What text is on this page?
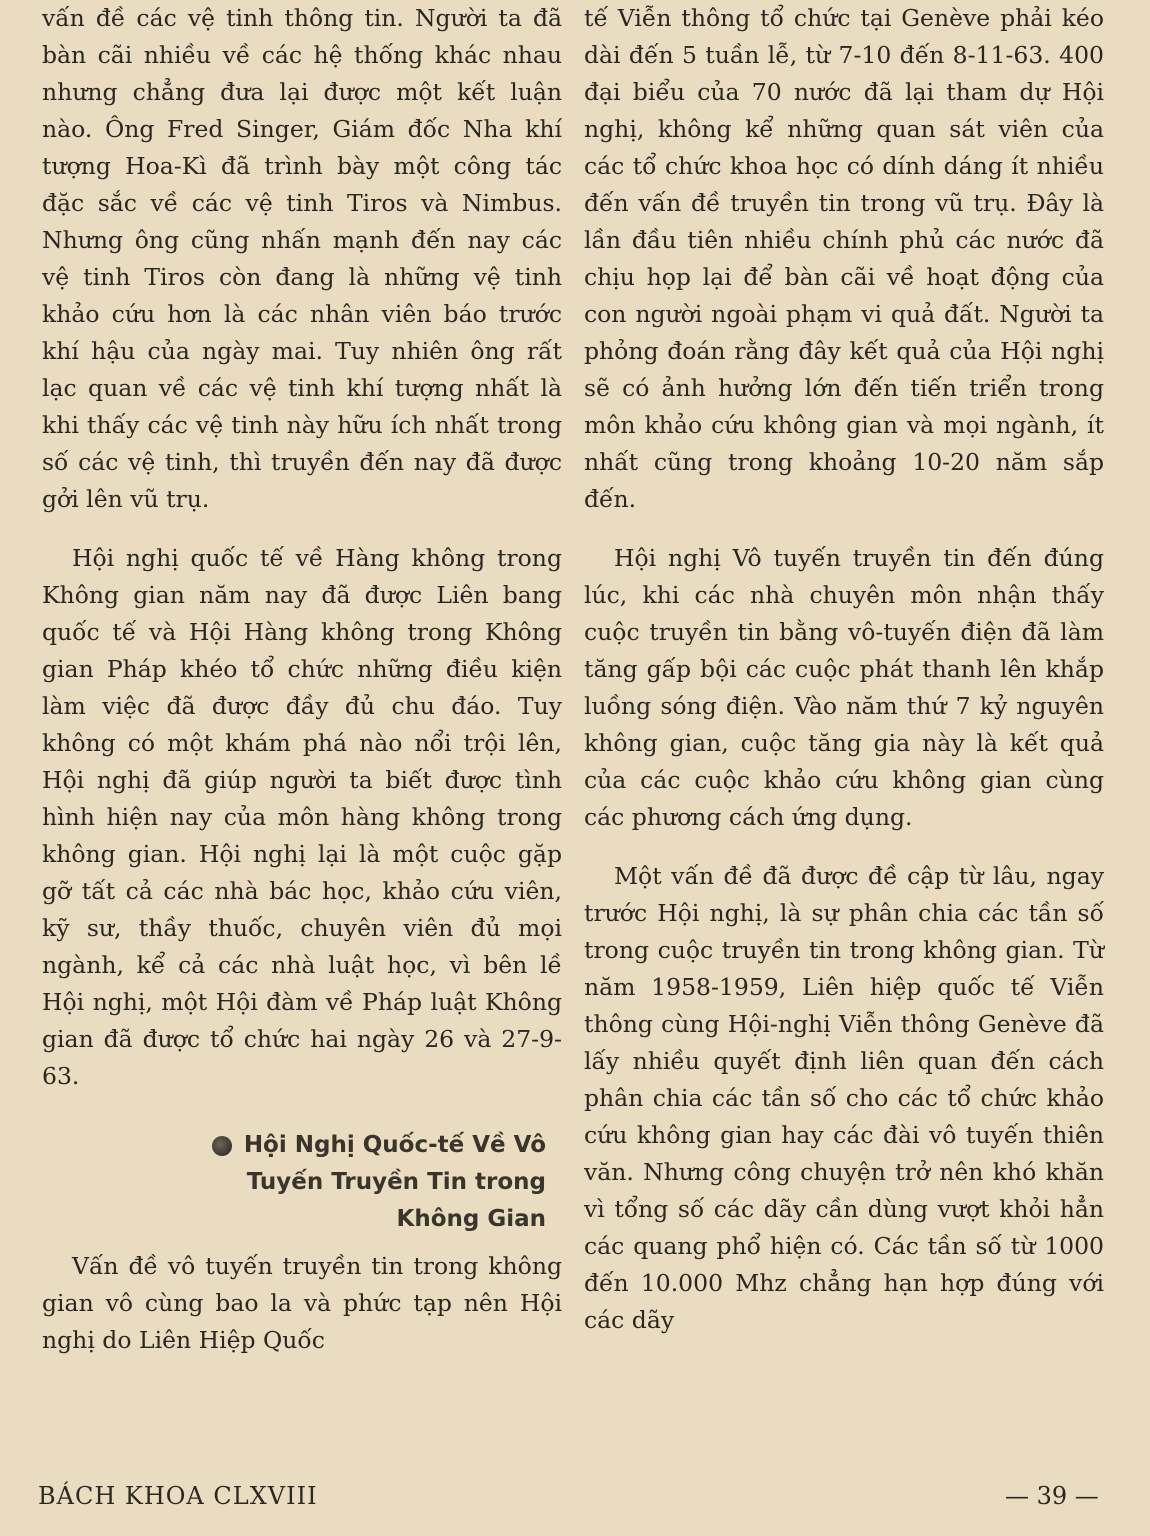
vấn đề các vệ tinh thông tin. Người ta đã bàn cãi nhiều về các hệ thống khác nhau nhưng chẳng đưa lại được một kết luận nào. Ông Fred Singer, Giám đốc Nha khí tượng Hoa-Kì đã trình bày một công tác đặc sắc về các vệ tinh Tiros và Nimbus. Nhưng ông cũng nhấn mạnh đến nay các vệ tinh Tiros còn đang là những vệ tinh khảo cứu hơn là các nhân viên báo trước khí hậu của ngày mai. Tuy nhiên ông rất lạc quan về các vệ tinh khí tượng nhất là khi thấy các vệ tinh này hữu ích nhất trong số các vệ tinh, thì truyền đến nay đã được gởi lên vũ trụ.

Hội nghị quốc tế về Hàng không trong Không gian năm nay đã được Liên bang quốc tế và Hội Hàng không trong Không gian Pháp khéo tổ chức những điều kiện làm việc đã được đầy đủ chu đáo. Tuy không có một khám phá nào nổi trội lên, Hội nghị đã giúp người ta biết được tình hình hiện nay của môn hàng không trong không gian. Hội nghị lại là một cuộc gặp gỡ tất cả các nhà bác học, khảo cứu viên, kỹ sư, thầy thuốc, chuyên viên đủ mọi ngành, kể cả các nhà luật học, vì bên lề Hội nghị, một Hội đàm về Pháp luật Không gian đã được tổ chức hai ngày 26 và 27-9-63.

Hội Nghị Quốc-tế Về Vô
Tuyến Truyền Tin trong
Không Gian

Vấn đề vô tuyến truyền tin trong không gian vô cùng bao la và phức tạp nên Hội nghị do Liên Hiệp Quốc

tế Viễn thông tổ chức tại Genève phải kéo dài đến 5 tuần lễ, từ 7-10 đến 8-11-63. 400 đại biểu của 70 nước đã lại tham dự Hội nghị, không kể những quan sát viên của các tổ chức khoa học có dính dáng ít nhiều đến vấn đề truyền tin trong vũ trụ. Đây là lần đầu tiên nhiều chính phủ các nước đã chịu họp lại để bàn cãi về hoạt động của con người ngoài phạm vi quả đất. Người ta phỏng đoán rằng đây kết quả của Hội nghị sẽ có ảnh hưởng lớn đến tiến triển trong môn khảo cứu không gian và mọi ngành, ít nhất cũng trong khoảng 10-20 năm sắp đến.

Hội nghị Vô tuyến truyền tin đến đúng lúc, khi các nhà chuyên môn nhận thấy cuộc truyền tin bằng vô-tuyến điện đã làm tăng gấp bội các cuộc phát thanh lên khắp luồng sóng điện. Vào năm thứ 7 kỷ nguyên không gian, cuộc tăng gia này là kết quả của các cuộc khảo cứu không gian cùng các phương cách ứng dụng.

Một vấn đề đã được đề cập từ lâu, ngay trước Hội nghị, là sự phân chia các tần số trong cuộc truyền tin trong không gian. Từ năm 1958-1959, Liên hiệp quốc tế Viễn thông cùng Hội-nghị Viễn thông Genève đã lấy nhiều quyết định liên quan đến cách phân chia các tần số cho các tổ chức khảo cứu không gian hay các đài vô tuyến thiên văn. Nhưng công chuyện trở nên khó khăn vì tổng số các dãy cần dùng vượt khỏi hẳn các quang phổ hiện có. Các tần số từ 1000 đến 10.000 Mhz chẳng hạn hợp đúng với các dãy

BÁCH KHOA CLXVIII	— 39 —
